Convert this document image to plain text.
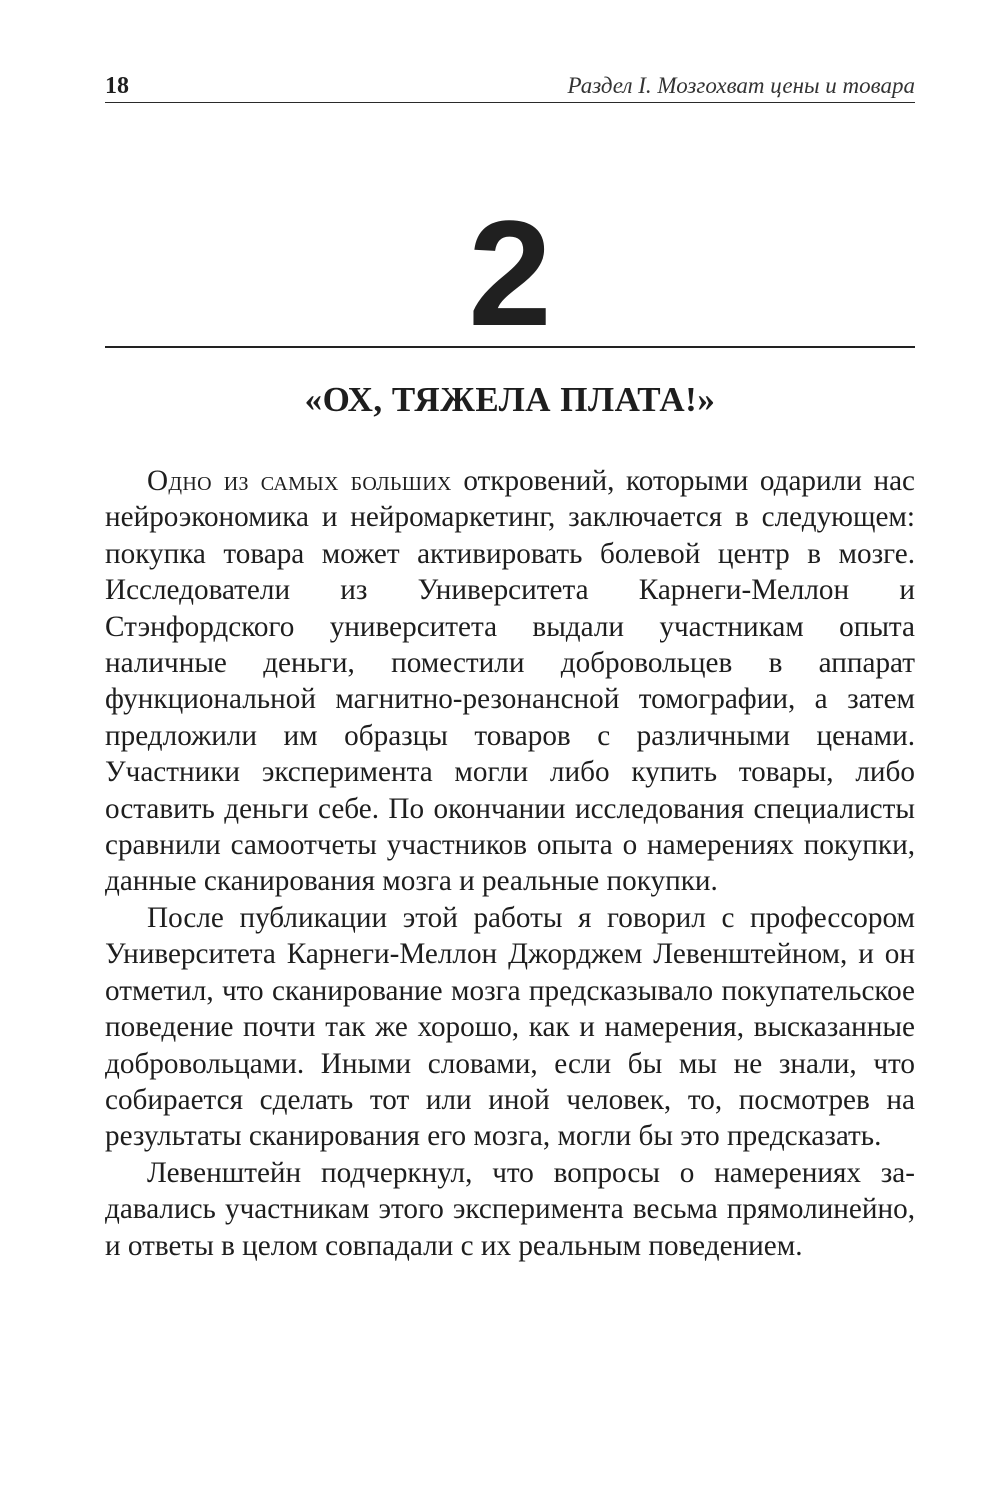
18	Раздел I. Мозгохват цены и товара
2
«ОХ, ТЯЖЕЛА ПЛАТА!»

Одно из самых больших откровений, которыми одарили нас нейроэкономика и нейромаркетинг, заключается в следующем: покупка товара может активировать болевой центр в мозге. Исследователи из Университета Карнеги-Меллон и Стэнфордского университета выдали участникам опыта наличные деньги, поместили добровольцев в аппарат функциональной магнитно-резонансной томографии, а затем предложили им образцы товаров с различными ценами. Участники эксперимента могли либо купить товары, либо оставить деньги себе. По окончании исследования специалисты сравнили самоотчеты участников опыта о намерениях покупки, данные сканирования мозга и реальные покупки.

После публикации этой работы я говорил с профессором Университета Карнеги-Меллон Джорджем Левенштейном, и он отметил, что сканирование мозга предсказывало покупательское поведение почти так же хорошо, как и намерения, высказанные добровольцами. Иными словами, если бы мы не знали, что собирается сделать тот или иной человек, то, посмотрев на результаты сканирования его мозга, могли бы это предсказать.

Левенштейн подчеркнул, что вопросы о намерениях задавались участникам этого эксперимента весьма прямолинейно, и ответы в целом совпадали с их реальным поведением.
